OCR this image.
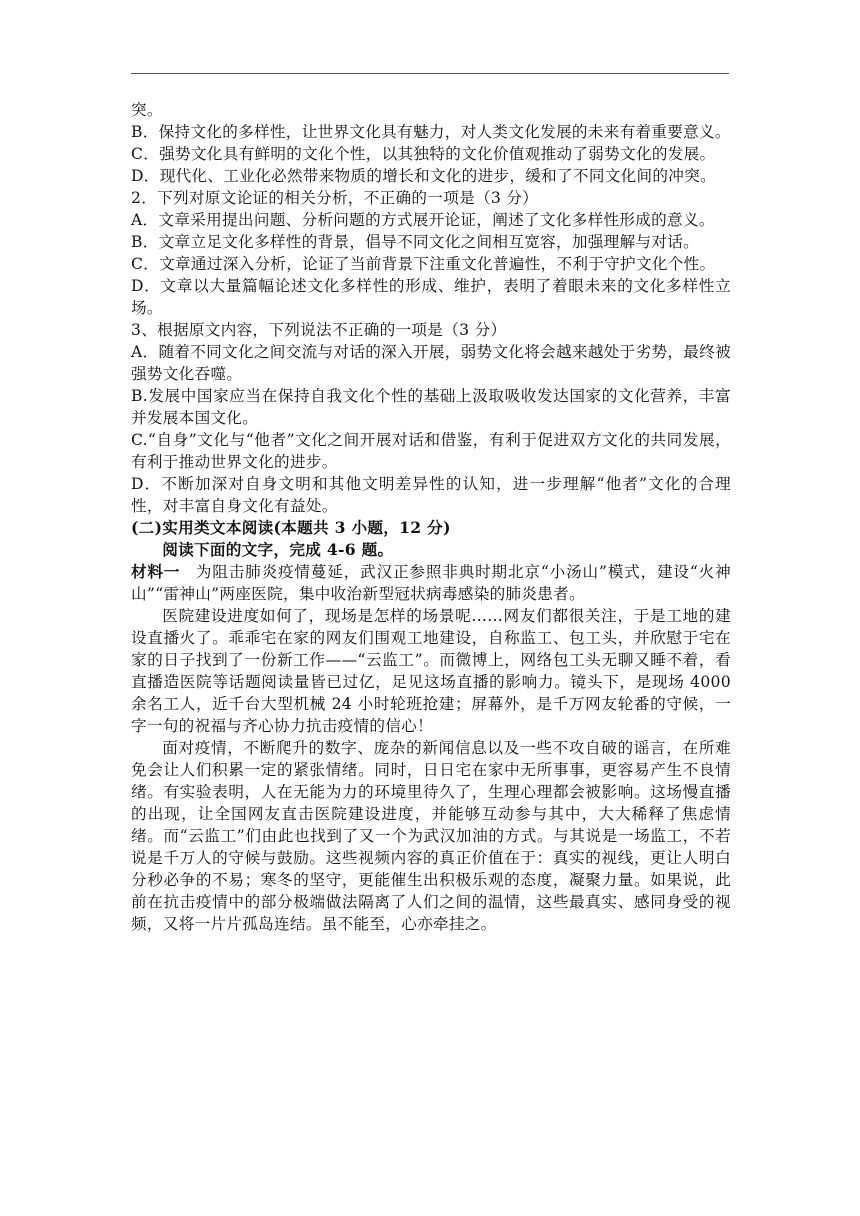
突。

B．保持文化的多样性，让世界文化具有魅力，对人类文化发展的未来有着重要意义。

C．强势文化具有鲜明的文化个性，以其独特的文化价值观推动了弱势文化的发展。

D．现代化、工业化必然带来物质的增长和文化的进步，缓和了不同文化间的冲突。

2．下列对原文论证的相关分析，不正确的一项是（3 分）

A．文章采用提出问题、分析问题的方式展开论证，阐述了文化多样性形成的意义。

B．文章立足文化多样性的背景，倡导不同文化之间相互宽容，加强理解与对话。

C．文章通过深入分析，论证了当前背景下注重文化普遍性，不利于守护文化个性。

D．文章以大量篇幅论述文化多样性的形成、维护，表明了着眼未来的文化多样性立场。

3、根据原文内容，下列说法不正确的一项是（3 分）

A．随着不同文化之间交流与对话的深入开展，弱势文化将会越来越处于劣势，最终被强势文化吞噬。

B.发展中国家应当在保持自我文化个性的基础上汲取吸收发达国家的文化营养，丰富并发展本国文化。

C.“自身”文化与“他者”文化之间开展对话和借鉴，有利于促进双方文化的共同发展，有利于推动世界文化的进步。

D．不断加深对自身文明和其他文明差异性的认知，进一步理解“他者”文化的合理性，对丰富自身文化有益处。

(二)实用类文本阅读(本题共 3 小题，12 分)

阅读下面的文字，完成 4-6 题。

材料一 为阻击肺炎疫情蔓延，武汉正参照非典时期北京“小汤山”模式，建设“火神山”“雷神山”两座医院，集中收治新型冠状病毒感染的肺炎患者。

医院建设进度如何了，现场是怎样的场景呢……网友们都很关注，于是工地的建设直播火了。乖乖宅在家的网友们围观工地建设，自称监工、包工头，并欣慰于宅在家的日子找到了一份新工作——“云监工”。而微博上，网络包工头无聊又睡不着，看直播造医院等话题阅读量皆已过亿，足见这场直播的影响力。镜头下，是现场 4000 余名工人，近千台大型机械 24 小时轮班抢建；屏幕外，是千万网友轮番的守候，一字一句的祝福与齐心协力抗击疫情的信心！

面对疫情，不断爬升的数字、庞杂的新闻信息以及一些不攻自破的谣言，在所难免会让人们积累一定的紧张情绪。同时，日日宅在家中无所事事，更容易产生不良情绪。有实验表明，人在无能为力的环境里待久了，生理心理都会被影响。这场慢直播的出现，让全国网友直击医院建设进度，并能够互动参与其中，大大稀释了焦虑情绪。而“云监工”们由此也找到了又一个为武汉加油的方式。与其说是一场监工，不若说是千万人的守候与鼓励。这些视频内容的真正价值在于：真实的视线，更让人明白分秒必争的不易；寒冬的坚守，更能催生出积极乐观的态度，凝聚力量。如果说，此前在抗击疫情中的部分极端做法隔离了人们之间的温情，这些最真实、感同身受的视频，又将一片片孤岛连结。虽不能至，心亦牵挂之。
